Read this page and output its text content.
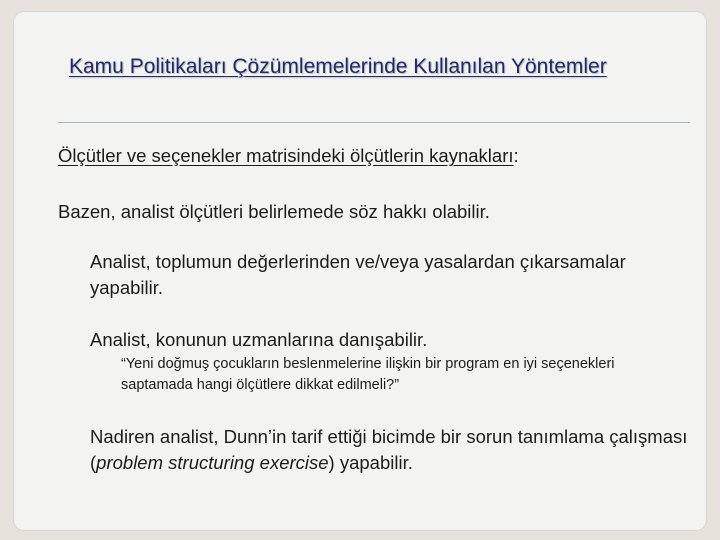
Kamu Politikaları Çözümlemelerinde Kullanılan Yöntemler
Ölçütler ve seçenekler matrisindeki ölçütlerin kaynakları:
Bazen, analist ölçütleri belirlemede söz hakkı olabilir.
Analist, toplumun değerlerinden ve/veya yasalardan çıkarsamalar yapabilir.
Analist, konunun uzmanlarına danışabilir.
“Yeni doğmuş çocukların beslenmelerine ilişkin bir program en iyi seçenekleri saptamada hangi ölçütlere dikkat edilmeli?”
Nadiren analist, Dunn’in tarif ettiği bicimde bir sorun tanımlama çalışması (problem structuring exercise) yapabilir.
